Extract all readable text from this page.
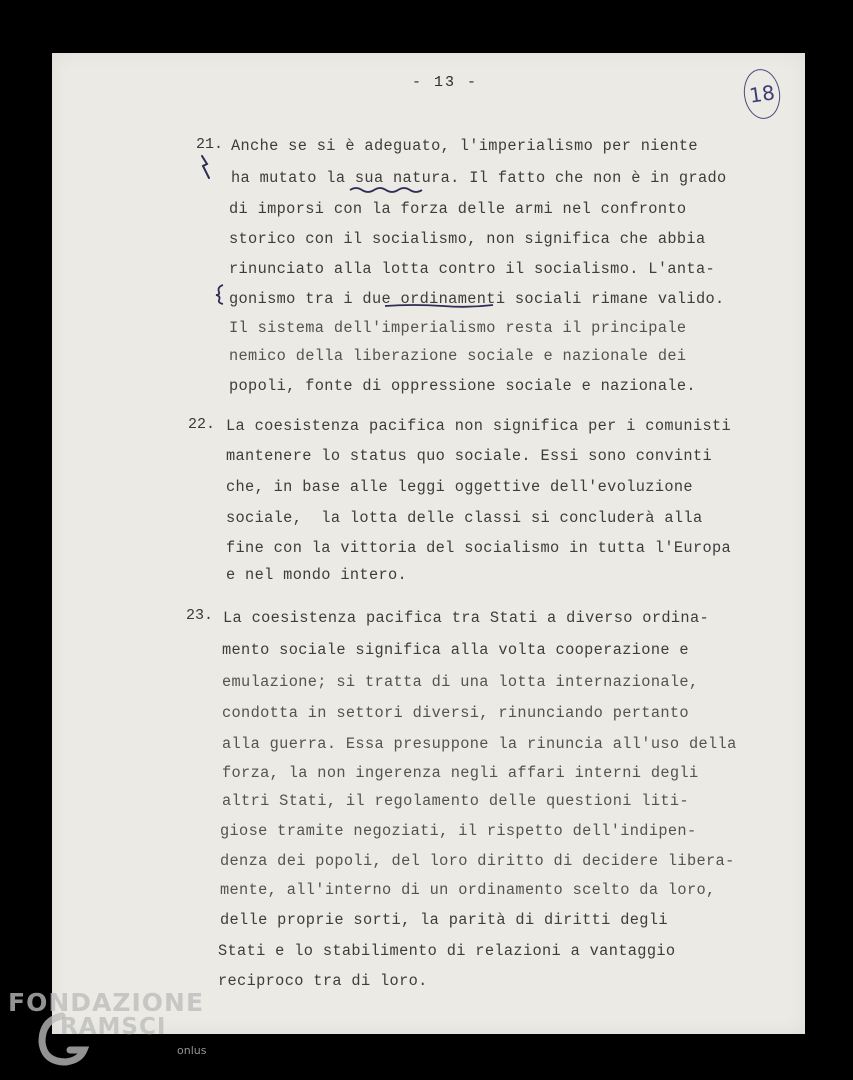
- 13 -	18
21. Anche se si è adeguato, l'imperialismo per niente
ha mutato la sua natura. Il fatto che non è in grado
di imporsi con la forza delle armi nel confronto
storico con il socialismo, non significa che abbia
rinunciato alla lotta contro il socialismo. L'anta-
gonismo tra i due ordinamenti sociali rimane valido.
Il sistema dell'imperialismo resta il principale
nemico della liberazione sociale e nazionale dei
popoli, fonte di oppressione sociale e nazionale.
22. La coesistenza pacifica non significa per i comunisti
mantenere lo status quo sociale. Essi sono convinti
che, in base alle leggi oggettive dell'evoluzione
sociale,  la lotta delle classi si concluderà alla
fine con la vittoria del socialismo in tutta l'Europa
e nel mondo intero.
23. La coesistenza pacifica tra Stati a diverso ordina-
mento sociale significa alla volta cooperazione e
emulazione; si tratta di una lotta internazionale,
condotta in settori diversi, rinunciando pertanto
alla guerra. Essa presuppone la rinuncia all'uso della
forza, la non ingerenza negli affari interni degli
altri Stati, il regolamento delle questioni liti-
giose tramite negoziati, il rispetto dell'indipen-
denza dei popoli, del loro diritto di decidere libera-
mente, all'interno di un ordinamento scelto da loro,
delle proprie sorti, la parità di diritti degli
Stati e lo stabilimento di relazioni a vantaggio
reciproco tra di loro.
FONDAZIONE
RAMSCI
onlus
